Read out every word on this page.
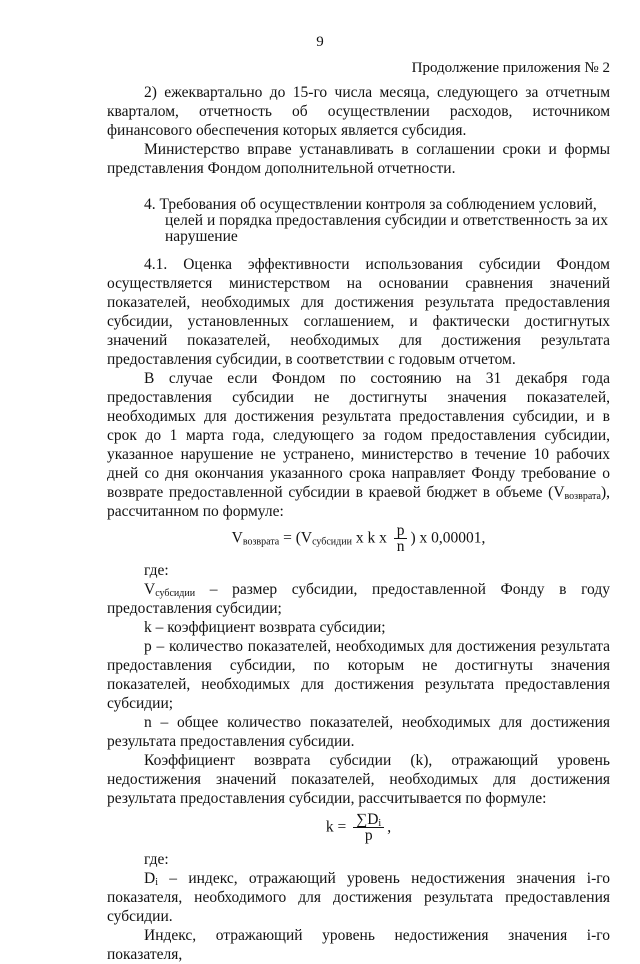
9
Продолжение приложения № 2

2) ежеквартально до 15-го числа месяца, следующего за отчетным кварталом, отчетность об осуществлении расходов, источником финансового обеспечения которых является субсидия.

Министерство вправе устанавливать в соглашении сроки и формы представления Фондом дополнительной отчетности.

4. Требования об осуществлении контроля за соблюдением условий,
целей и порядка предоставления субсидии и ответственность за их нарушение

4.1. Оценка эффективности использования субсидии Фондом осуществляется министерством на основании сравнения значений показателей, необходимых для достижения результата предоставления субсидии, установленных соглашением, и фактически достигнутых значений показателей, необходимых для достижения результата предоставления субсидии, в соответствии с годовым отчетом.

В случае если Фондом по состоянию на 31 декабря года предоставления субсидии не достигнуты значения показателей, необходимых для достижения результата предоставления субсидии, и в срок до 1 марта года, следующего за годом предоставления субсидии, указанное нарушение не устранено, министерство в течение 10 рабочих дней со дня окончания указанного срока направляет Фонду требование о возврате предоставленной субсидии в краевой бюджет в объеме $(V_{возврата})$, рассчитанном по формуле:

$V_{возврата} = (V_{субсидии}$ x k x $\frac{p}{n}$ ) x 0,00001,

где:

$V_{субсидии}$ – размер субсидии, предоставленной Фонду в году предоставления субсидии;

k – коэффициент возврата субсидии;

p – количество показателей, необходимых для достижения результата предоставления субсидии, по которым не достигнуты значения показателей, необходимых для достижения результата предоставления субсидии;

n – общее количество показателей, необходимых для достижения результата предоставления субсидии.

Коэффициент возврата субсидии (k), отражающий уровень недостижения значений показателей, необходимых для достижения результата предоставления субсидии, рассчитывается по формуле:

$k = \frac{\sum D_i}{p}$ ,

где:

$D_i$ – индекс, отражающий уровень недостижения значения i-го показателя, необходимого для достижения результата предоставления субсидии.

Индекс, отражающий уровень недостижения значения i-го показателя,
